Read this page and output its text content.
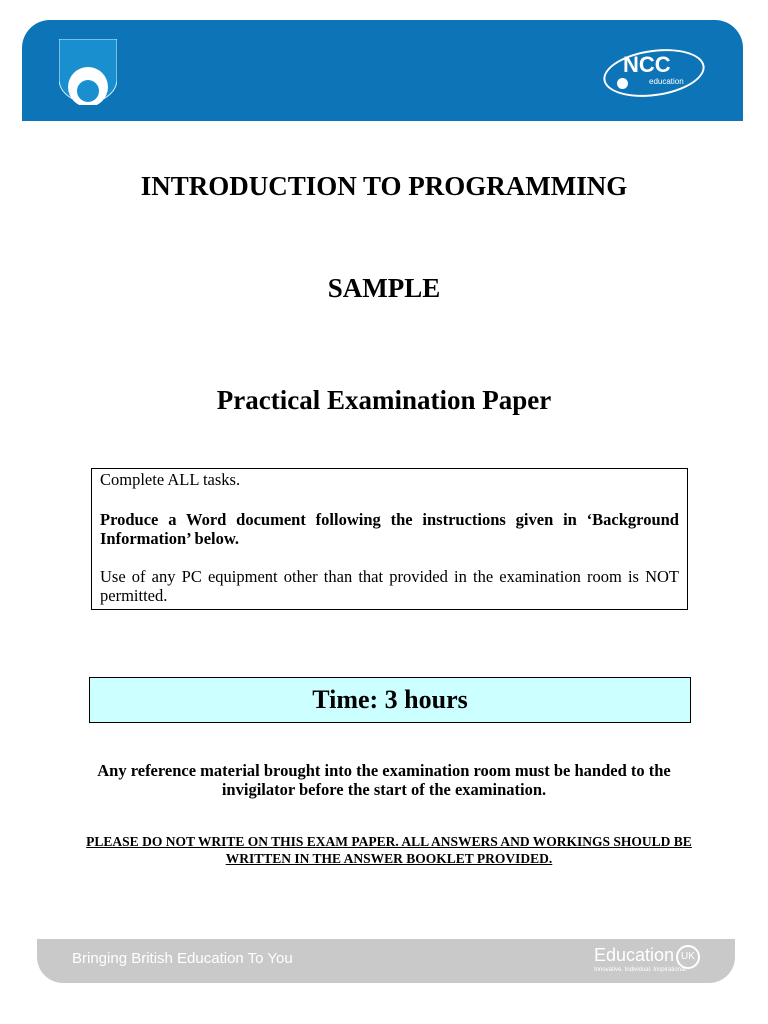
NCC
education
INTRODUCTION TO PROGRAMMING
SAMPLE
Practical Examination Paper

Complete ALL tasks.

Produce a Word document following the instructions given in ‘Background Information’ below.

Use of any PC equipment other than that provided in the examination room is NOT permitted.

Time: 3 hours

Any reference material brought into the examination room must be handed to the invigilator before the start of the examination.

PLEASE DO NOT WRITE ON THIS EXAM PAPER. ALL ANSWERS AND WORKINGS SHOULD BE WRITTEN IN THE ANSWER BOOKLET PROVIDED.

Bringing British Education To You	Education UK
Innovative. Individual. Inspirational.
